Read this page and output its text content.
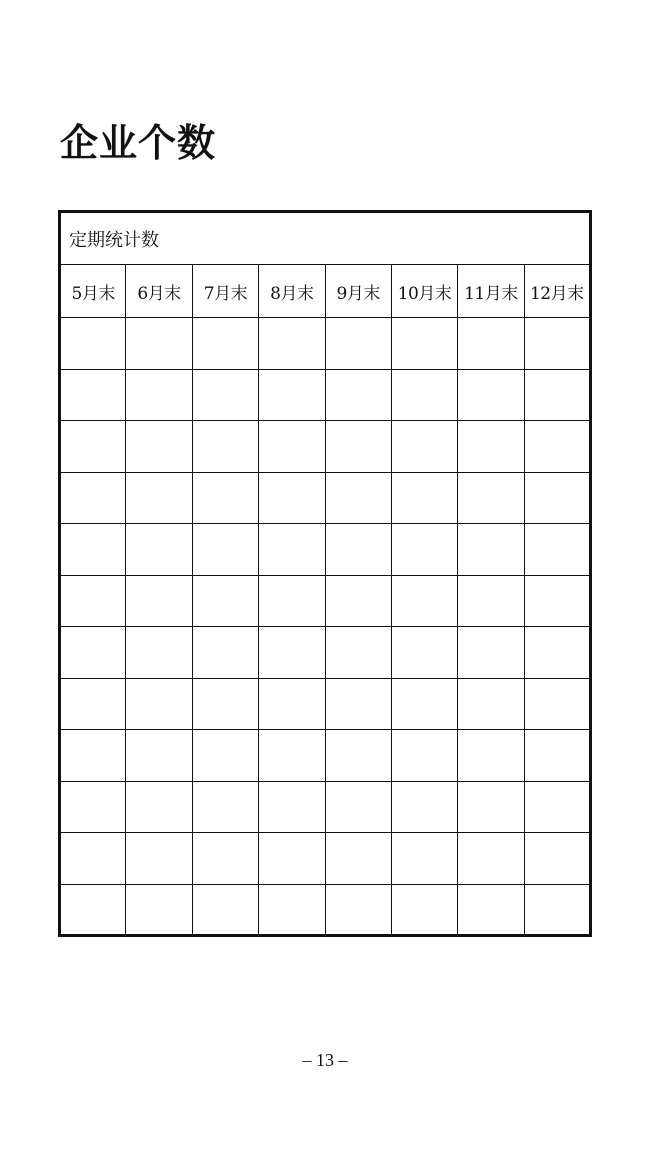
企业个数
定期统计数							
5月末	6月末	7月末	8月末	9月末	10月末	11月末	12月末

– 13 –
